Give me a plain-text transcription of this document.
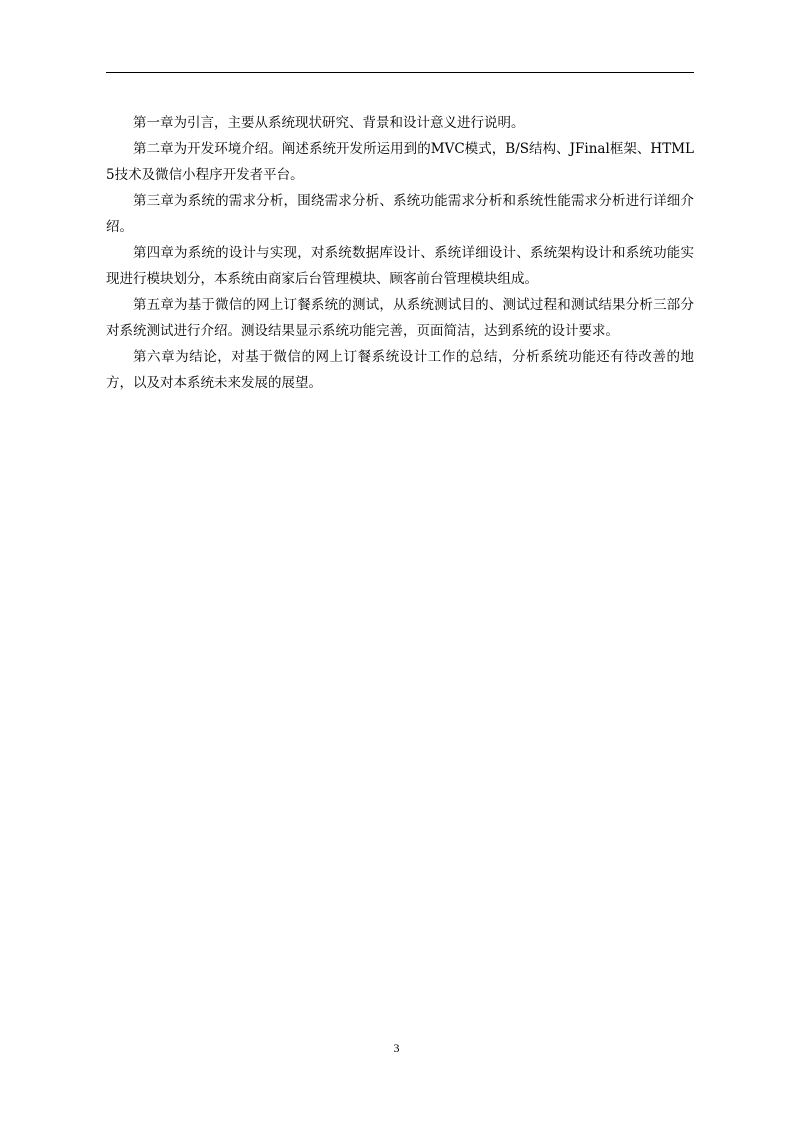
第一章为引言，主要从系统现状研究、背景和设计意义进行说明。

第二章为开发环境介绍。阐述系统开发所运用到的MVC模式，B/S结构、JFinal框架、HTML5技术及微信小程序开发者平台。

第三章为系统的需求分析，围绕需求分析、系统功能需求分析和系统性能需求分析进行详细介绍。

第四章为系统的设计与实现，对系统数据库设计、系统详细设计、系统架构设计和系统功能实现进行模块划分，本系统由商家后台管理模块、顾客前台管理模块组成。

第五章为基于微信的网上订餐系统的测试，从系统测试目的、测试过程和测试结果分析三部分对系统测试进行介绍。测设结果显示系统功能完善，页面简洁，达到系统的设计要求。

第六章为结论，对基于微信的网上订餐系统设计工作的总结，分析系统功能还有待改善的地方，以及对本系统未来发展的展望。

3
